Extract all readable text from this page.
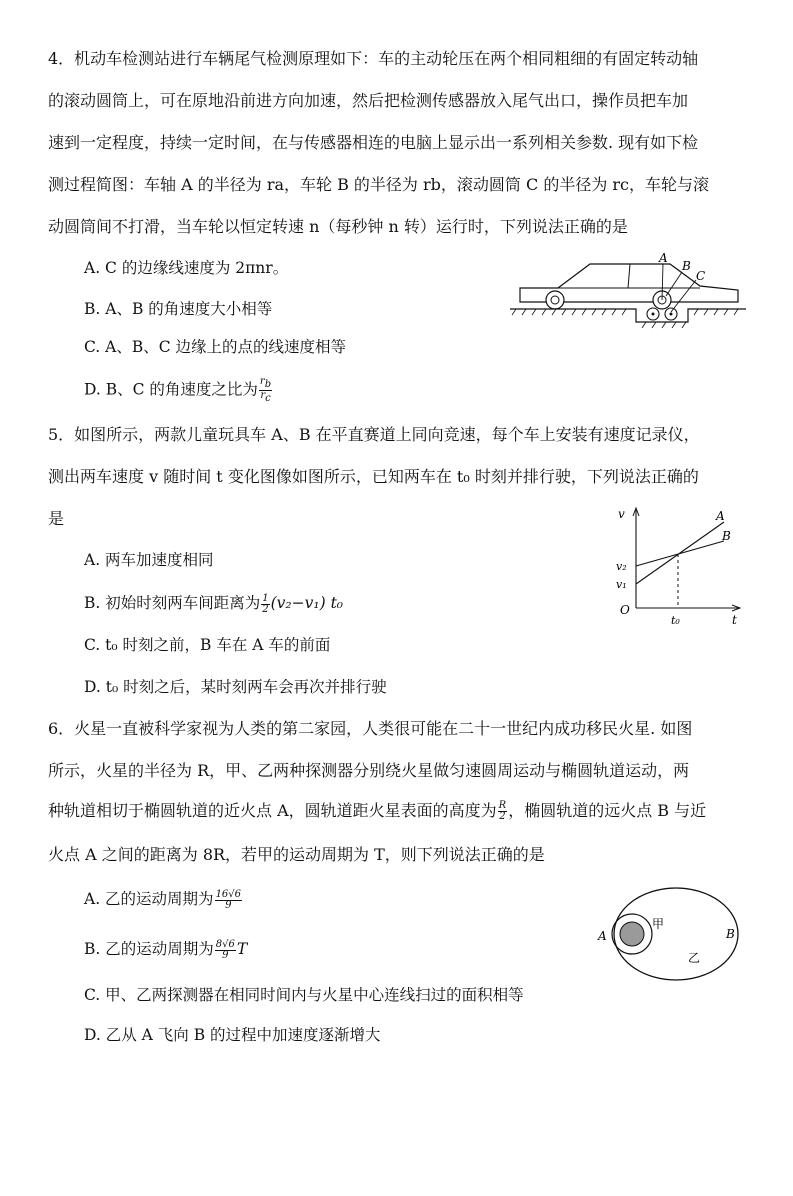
4．机动车检测站进行车辆尾气检测原理如下：车的主动轮压在两个相同粗细的有固定转动轴
的滚动圆筒上，可在原地沿前进方向加速，然后把检测传感器放入尾气出口，操作员把车加
速到一定程度，持续一定时间，在与传感器相连的电脑上显示出一系列相关参数. 现有如下检
测过程简图：车轴 A 的半径为 ra，车轮 B 的半径为 rb，滚动圆筒 C 的半径为 rc，车轮与滚
动圆筒间不打滑，当车轮以恒定转速 n（每秒钟 n 转）运行时，下列说法正确的是
A. C 的边缘线速度为 2πnr。
B. A、B 的角速度大小相等
C. A、B、C 边缘上的点的线速度相等
D. B、C 的角速度之比为 $\frac{rb}{rc}$
A
B
C
5．如图所示，两款儿童玩具车 A、B 在平直赛道上同向竞速，每个车上安装有速度记录仪，
测出两车速度 v 随时间 t 变化图像如图所示，已知两车在 t₀ 时刻并排行驶，下列说法正确的
是
A. 两车加速度相同
B. 初始时刻两车间距离为 $\frac{1}{2} (v_2-v_1)$ t₀
C. t₀ 时刻之前，B 车在 A 车的前面
D. t₀ 时刻之后，某时刻两车会再次并排行驶
v
t
O
t₀
v₂
v₁
A
B
6．火星一直被科学家视为人类的第二家园，人类很可能在二十一世纪内成功移民火星. 如图
所示，火星的半径为 R，甲、乙两种探测器分别绕火星做匀速圆周运动与椭圆轨道运动，两
种轨道相切于椭圆轨道的近火点 A，圆轨道距火星表面的高度为 $\frac{R}{2}$ ，椭圆轨道的远火点 B 与近
火点 A 之间的距离为 8R，若甲的运动周期为 T，则下列说法正确的是
A. 乙的运动周期为 $\frac{16√6}{9}$
B. 乙的运动周期为 $\frac{8√6}{9}$ T
C. 甲、乙两探测器在相同时间内与火星中心连线扫过的面积相等
D. 乙从 A 飞向 B 的过程中加速度逐渐增大
A	B
甲
乙
